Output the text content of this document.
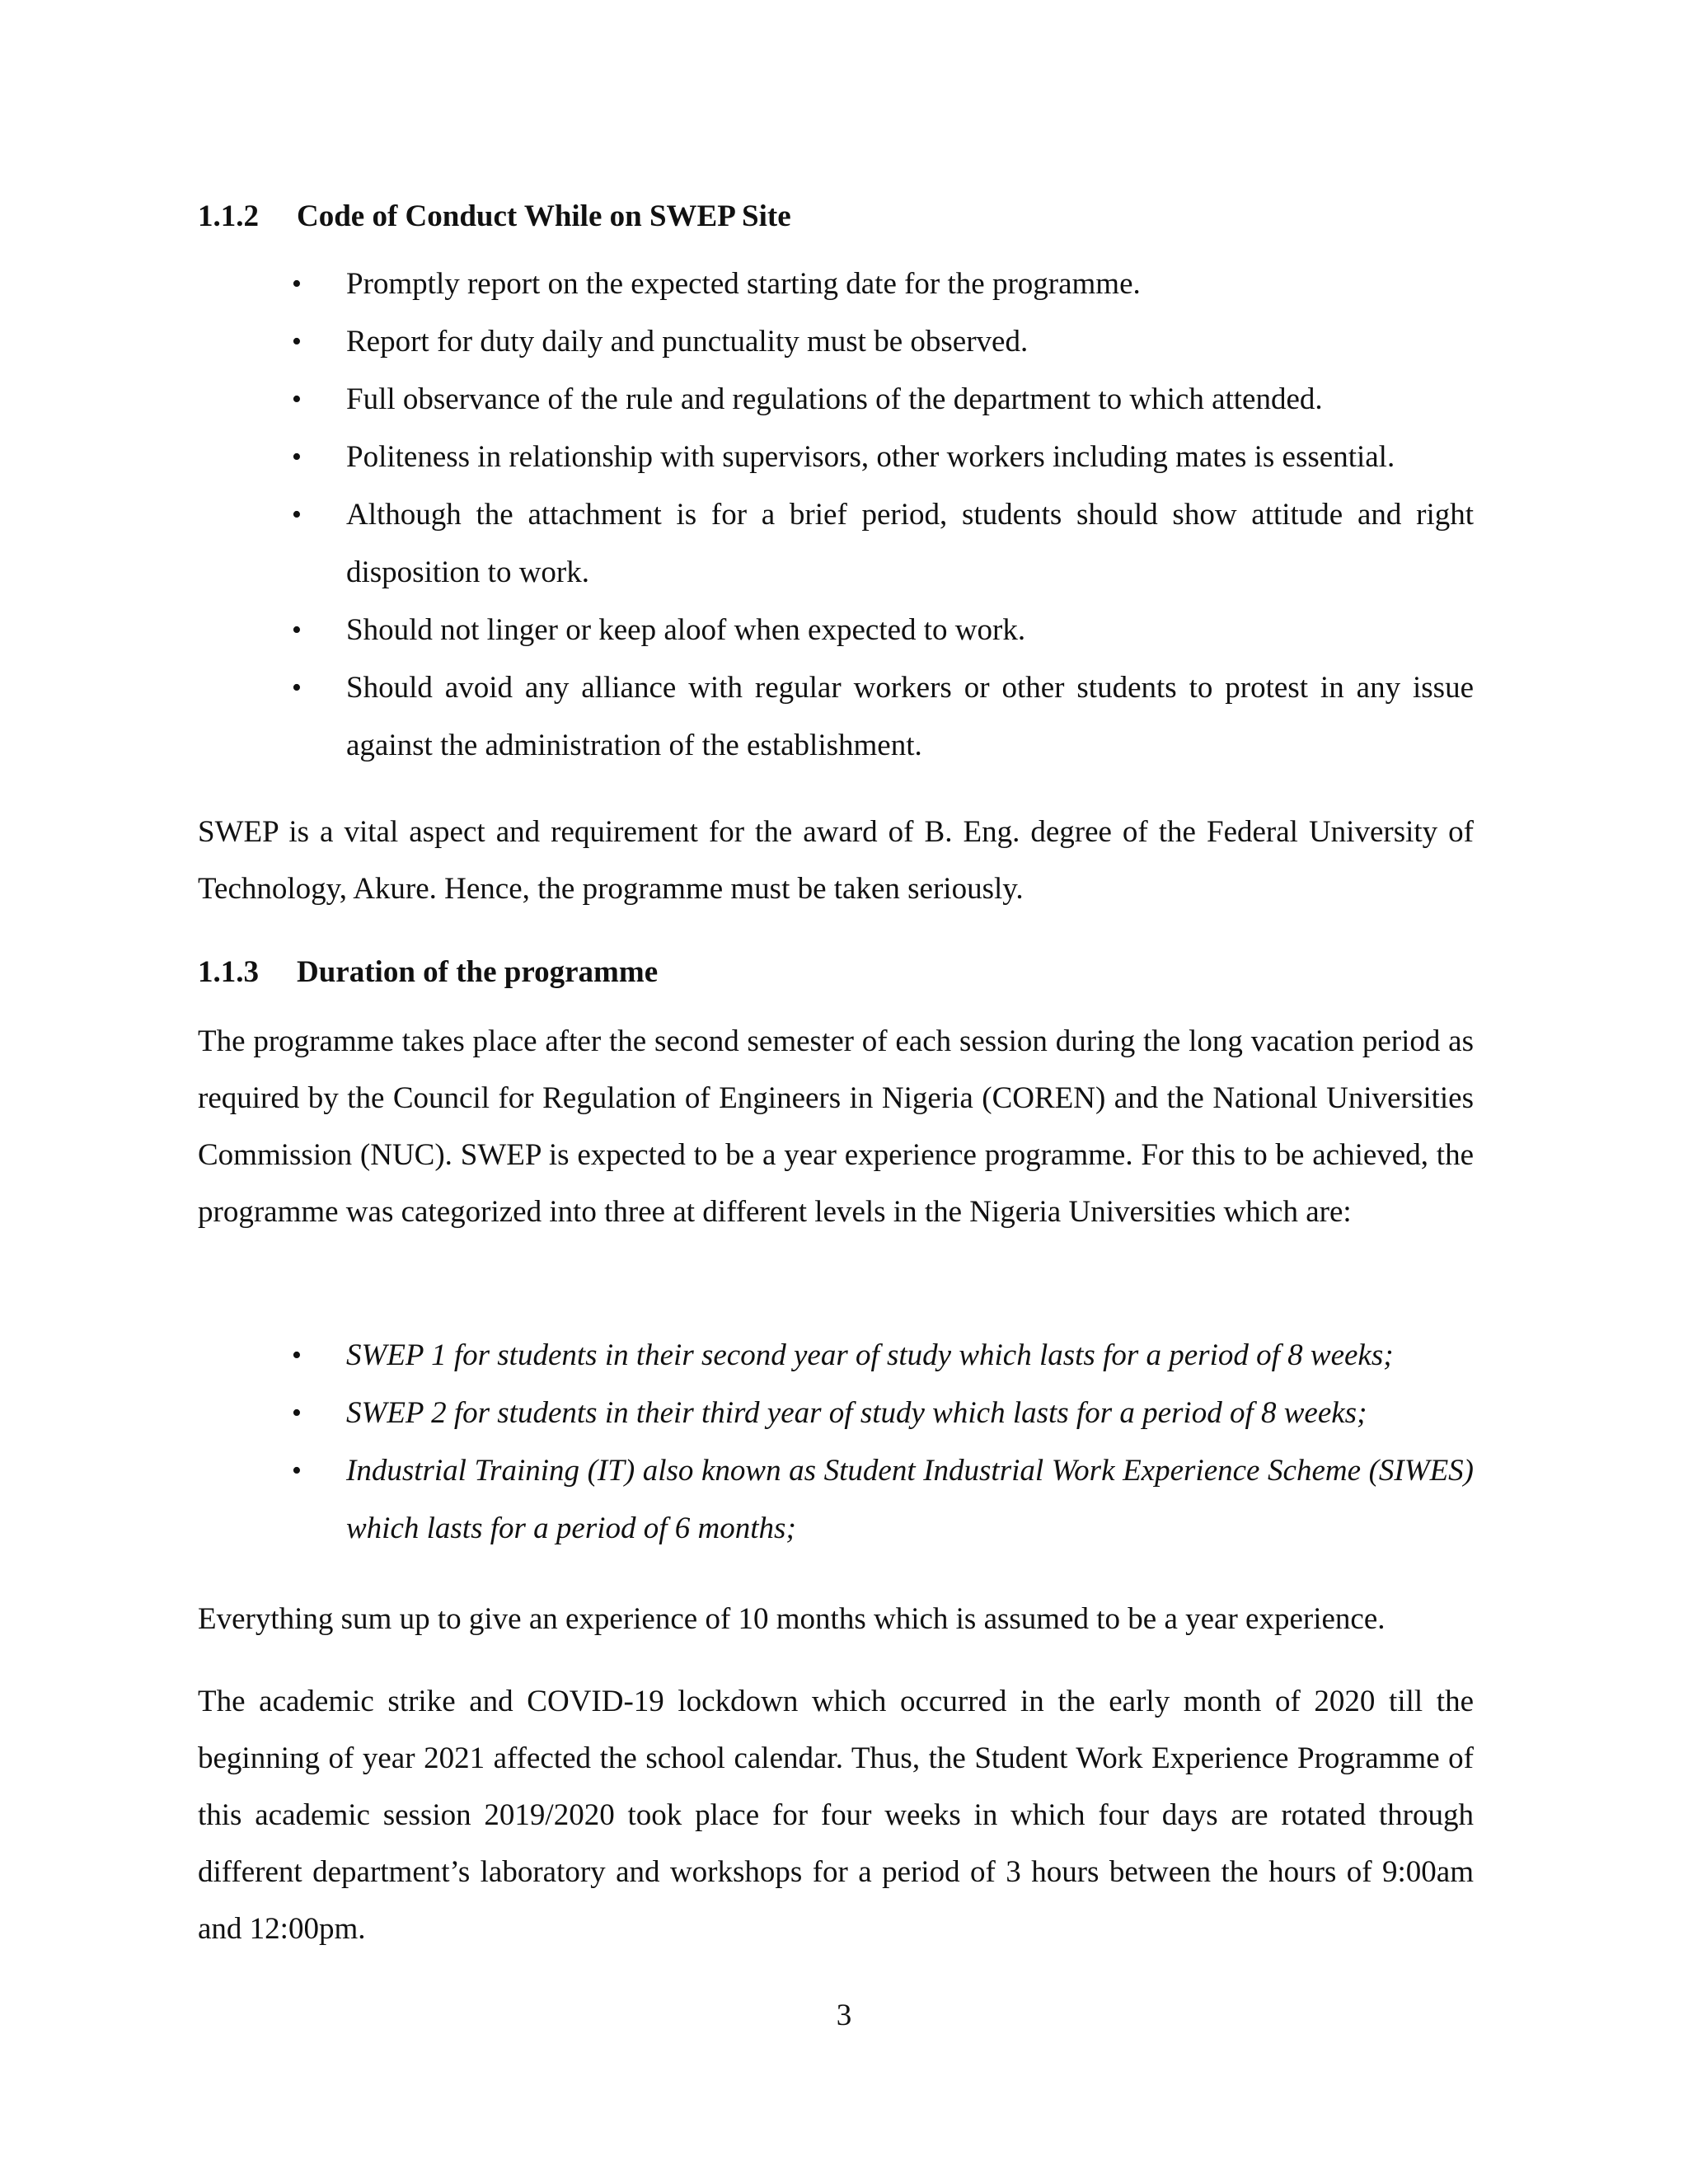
1.1.2 Code of Conduct While on SWEP Site
•	Promptly report on the expected starting date for the programme.
•	Report for duty daily and punctuality must be observed.
•	Full observance of the rule and regulations of the department to which attended.
•	Politeness in relationship with supervisors, other workers including mates is essential.
•	Although the attachment is for a brief period, students should show attitude and right disposition to work.
•	Should not linger or keep aloof when expected to work.
•	Should avoid any alliance with regular workers or other students to protest in any issue against the administration of the establishment.

SWEP is a vital aspect and requirement for the award of B. Eng. degree of the Federal University of Technology, Akure. Hence, the programme must be taken seriously.

1.1.3 Duration of the programme

The programme takes place after the second semester of each session during the long vacation period as required by the Council for Regulation of Engineers in Nigeria (COREN) and the National Universities Commission (NUC). SWEP is expected to be a year experience programme. For this to be achieved, the programme was categorized into three at different levels in the Nigeria Universities which are:

•	SWEP 1 for students in their second year of study which lasts for a period of 8 weeks;
•	SWEP 2 for students in their third year of study which lasts for a period of 8 weeks;
•	Industrial Training (IT) also known as Student Industrial Work Experience Scheme (SIWES) which lasts for a period of 6 months;

Everything sum up to give an experience of 10 months which is assumed to be a year experience.

The academic strike and COVID-19 lockdown which occurred in the early month of 2020 till the beginning of year 2021 affected the school calendar. Thus, the Student Work Experience Programme of this academic session 2019/2020 took place for four weeks in which four days are rotated through different department’s laboratory and workshops for a period of 3 hours between the hours of 9:00am and 12:00pm.

3
